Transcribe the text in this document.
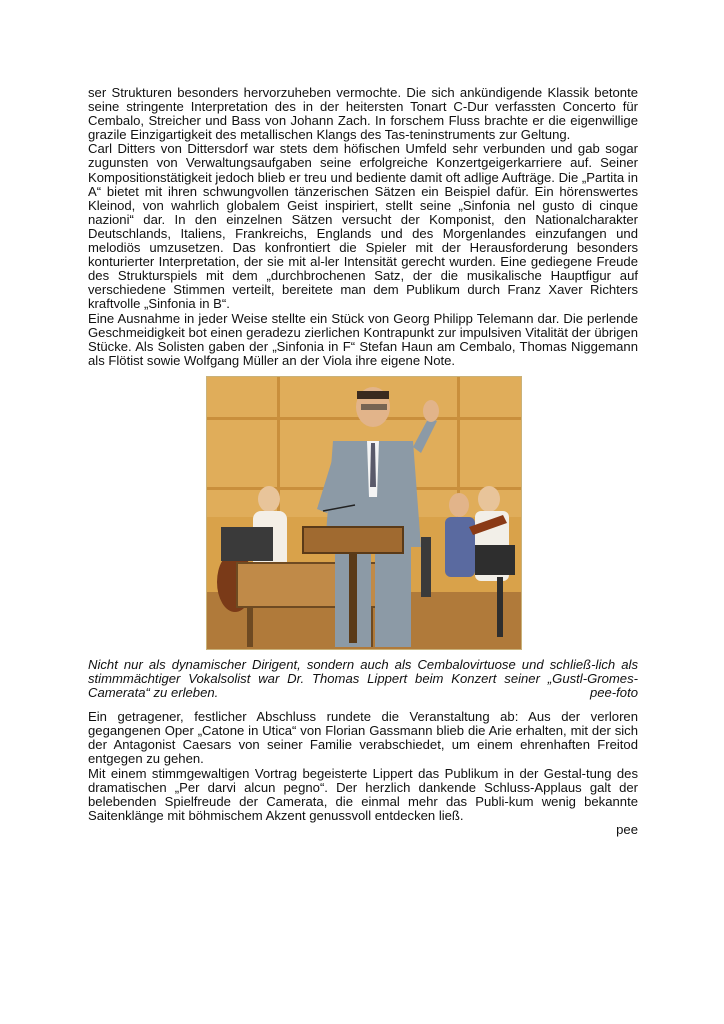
ser Strukturen besonders hervorzuheben vermochte. Die sich ankündigende Klassik betonte seine stringente Interpretation des in der heitersten Tonart C-Dur verfassten Concerto für Cembalo, Streicher und Bass von Johann Zach. In forschem Fluss brachte er die eigenwillige grazile Einzigartigkeit des metallischen Klangs des Tas-teninstruments zur Geltung.

Carl Ditters von Dittersdorf war stets dem höfischen Umfeld sehr verbunden und gab sogar zugunsten von Verwaltungsaufgaben seine erfolgreiche Konzertgeigerkarriere auf. Seiner Kompositionstätigkeit jedoch blieb er treu und bediente damit oft adlige Aufträge. Die „Partita in A“ bietet mit ihren schwungvollen tänzerischen Sätzen ein Beispiel dafür. Ein hörenswertes Kleinod, von wahrlich globalem Geist inspiriert, stellt seine „Sinfonia nel gusto di cinque nazioni“ dar. In den einzelnen Sätzen versucht der Komponist, den Nationalcharakter Deutschlands, Italiens, Frankreichs, Englands und des Morgenlandes einzufangen und melodiös umzusetzen. Das konfrontiert die Spieler mit der Herausforderung besonders konturierter Interpretation, der sie mit al-ler Intensität gerecht wurden. Eine gediegene Freude des Strukturspiels mit dem „durchbrochenen Satz, der die musikalische Hauptfigur auf verschiedene Stimmen verteilt, bereitete man dem Publikum durch Franz Xaver Richters kraftvolle „Sinfonia in B“.

Eine Ausnahme in jeder Weise stellte ein Stück von Georg Philipp Telemann dar. Die perlende Geschmeidigkeit bot einen geradezu zierlichen Kontrapunkt zur impulsiven Vitalität der übrigen Stücke. Als Solisten gaben der „Sinfonia in F“ Stefan Haun am Cembalo, Thomas Niggemann als Flötist sowie Wolfgang Müller an der Viola ihre eigene Note.

Nicht nur als dynamischer Dirigent, sondern auch als Cembalovirtuose und schließ-lich als stimmmächtiger Vokalsolist war Dr. Thomas Lippert beim Konzert seiner „Gustl-Gromes-Camerata“ zu erleben.	pee-foto

Ein getragener, festlicher Abschluss rundete die Veranstaltung ab: Aus der verloren gegangenen Oper „Catone in Utica“ von Florian Gassmann blieb die Arie erhalten, mit der sich der Antagonist Caesars von seiner Familie verabschiedet, um einem ehrenhaften Freitod entgegen zu gehen.

Mit einem stimmgewaltigen Vortrag begeisterte Lippert das Publikum in der Gestal-tung des dramatischen „Per darvi alcun pegno“. Der herzlich dankende Schluss-Applaus galt der belebenden Spielfreude der Camerata, die einmal mehr das Publi-kum wenig bekannte Saitenklänge mit böhmischem Akzent genussvoll entdecken ließ.

pee
